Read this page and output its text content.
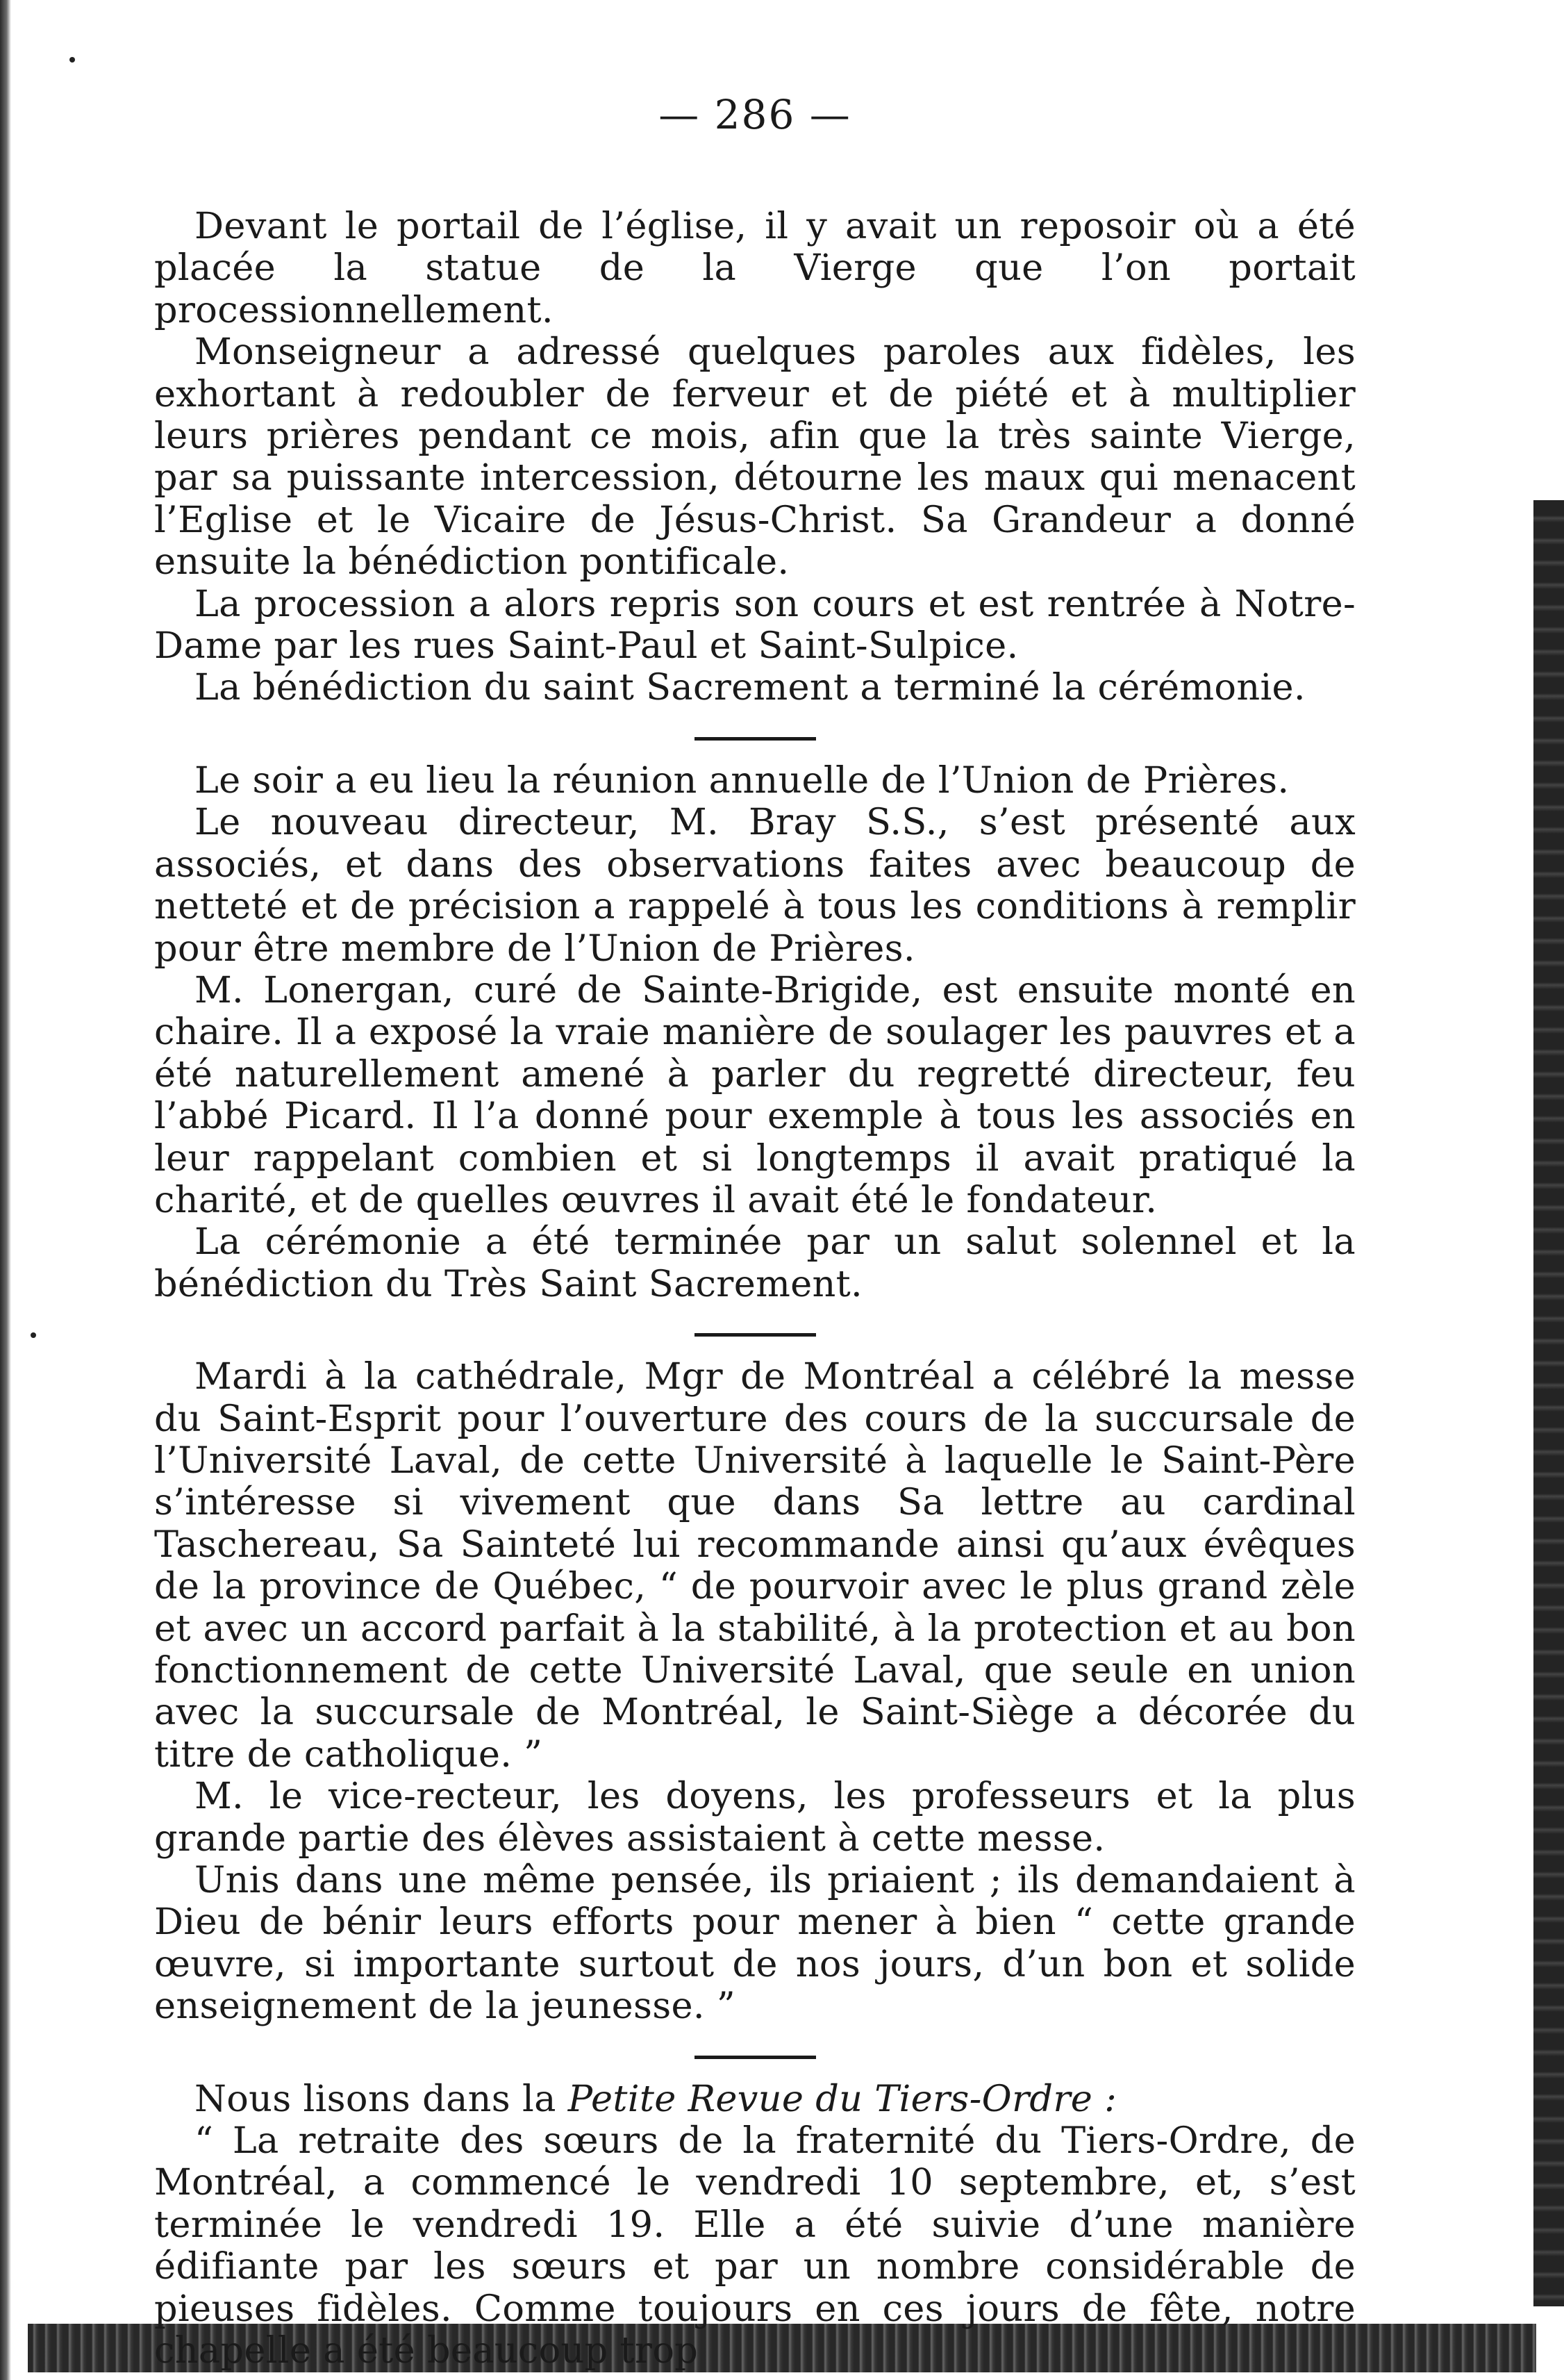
— 286 —

Devant le portail de l’église, il y avait un reposoir où a été placée la statue de la Vierge que l’on portait processionnellement.

Monseigneur a adressé quelques paroles aux fidèles, les exhortant à redoubler de ferveur et de piété et à multiplier leurs prières pendant ce mois, afin que la très sainte Vierge, par sa puissante intercession, détourne les maux qui menacent l’Eglise et le Vicaire de Jésus-Christ. Sa Grandeur a donné ensuite la bénédiction pontificale.

La procession a alors repris son cours et est rentrée à Notre-Dame par les rues Saint-Paul et Saint-Sulpice.

La bénédiction du saint Sacrement a terminé la cérémonie.

Le soir a eu lieu la réunion annuelle de l’Union de Prières.

Le nouveau directeur, M. Bray S.S., s’est présenté aux associés, et dans des observations faites avec beaucoup de netteté et de précision a rappelé à tous les conditions à remplir pour être membre de l’Union de Prières.

M. Lonergan, curé de Sainte-Brigide, est ensuite monté en chaire. Il a exposé la vraie manière de soulager les pauvres et a été naturellement amené à parler du regretté directeur, feu l’abbé Picard. Il l’a donné pour exemple à tous les associés en leur rappelant combien et si longtemps il avait pratiqué la charité, et de quelles œuvres il avait été le fondateur.

La cérémonie a été terminée par un salut solennel et la bénédiction du Très Saint Sacrement.

Mardi à la cathédrale, Mgr de Montréal a célébré la messe du Saint-Esprit pour l’ouverture des cours de la succursale de l’Université Laval, de cette Université à laquelle le Saint-Père s’intéresse si vivement que dans Sa lettre au cardinal Taschereau, Sa Sainteté lui recommande ainsi qu’aux évêques de la province de Québec, “ de pourvoir avec le plus grand zèle et avec un accord parfait à la stabilité, à la protection et au bon fonctionnement de cette Université Laval, que seule en union avec la succursale de Montréal, le Saint-Siège a décorée du titre de catholique. ”

M. le vice-recteur, les doyens, les professeurs et la plus grande partie des élèves assistaient à cette messe.

Unis dans une même pensée, ils priaient ; ils demandaient à Dieu de bénir leurs efforts pour mener à bien “ cette grande œuvre, si importante surtout de nos jours, d’un bon et solide enseignement de la jeunesse. ”

Nous lisons dans la Petite Revue du Tiers-Ordre :

“ La retraite des sœurs de la fraternité du Tiers-Ordre, de Montréal, a commencé le vendredi 10 septembre, et, s’est terminée le vendredi 19. Elle a été suivie d’une manière édifiante par les sœurs et par un nombre considérable de pieuses fidèles. Comme toujours en ces jours de fête, notre chapelle a été beaucoup trop
